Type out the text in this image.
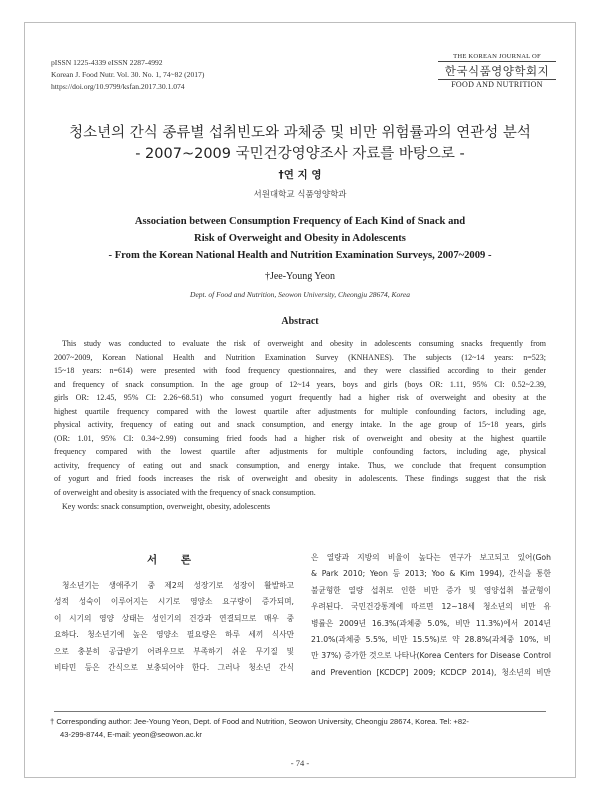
pISSN 1225-4339 eISSN 2287-4992
Korean J. Food Nutr. Vol. 30. No. 1, 74~82 (2017)
https://doi.org/10.9799/ksfan.2017.30.1.074
THE KOREAN JOURNAL OF
한국식품영양학회지
FOOD AND NUTRITION
청소년의 간식 종류별 섭취빈도와 과체중 및 비만 위험률과의 연관성 분석
- 2007~2009 국민건강영양조사 자료를 바탕으로 -
†연 지 영
서원대학교 식품영양학과
Association between Consumption Frequency of Each Kind of Snack and
Risk of Overweight and Obesity in Adolescents
- From the Korean National Health and Nutrition Examination Surveys, 2007~2009 -
†Jee-Young Yeon
Dept. of Food and Nutrition, Seowon University, Cheongju 28674, Korea
Abstract
This study was conducted to evaluate the risk of overweight and obesity in adolescents consuming snacks frequently from
2007~2009, Korean National Health and Nutrition Examination Survey (KNHANES). The subjects (12~14 years: n=523;
15~18 years: n=614) were presented with food frequency questionnaires, and they were classified according to their gender
and frequency of snack consumption. In the age group of 12~14 years, boys and girls (boys OR: 1.11, 95% CI: 0.52~2.39,
girls OR: 12.45, 95% CI: 2.26~68.51) who consumed yogurt frequently had a higher risk of overweight and obesity at the
highest quartile frequency compared with the lowest quartile after adjustments for multiple confounding factors, including age,
physical activity, frequency of eating out and snack consumption, and energy intake. In the age group of 15~18 years, girls
(OR: 1.01, 95% CI: 0.34~2.99) consuming fried foods had a higher risk of overweight and obesity at the highest quartile
frequency compared with the lowest quartile after adjustments for multiple confounding factors, including age, physical
activity, frequency of eating out and snack consumption, and energy intake. Thus, we conclude that frequent consumption
of yogurt and fried foods increases the risk of overweight and obesity in adolescents. These findings suggest that the risk
of overweight and obesity is associated with the frequency of snack consumption.
Key words: snack consumption, overweight, obesity, adolescents
서 론
청소년기는 생애주기 중 제2의 성장기로 성장이 활발하고
성적 성숙이 이루어지는 시기로 영양소 요구량이 증가되며,
이 시기의 영양 상태는 성인기의 건강과 연결되므로 매우 중
요하다. 청소년기에 높은 영양소 필요량은 하루 세끼 식사만
으로 충분히 공급받기 어려우므로 부족하기 쉬운 무기질 및
비타민 등은 간식으로 보충되어야 한다. 그러나 청소년 간식
은 열량과 지방의 비율이 높다는 연구가 보고되고 있어(Goh
& Park 2010; Yeon 등 2013; Yoo & Kim 1994), 간식을 통한
불균형한 열량 섭취로 인한 비만 증가 및 영양섭취 불균형이
우려된다. 국민건강통계에 따르면 12~18세 청소년의 비만 유
병률은 2009년 16.3%(과체중 5.0%, 비만 11.3%)에서 2014년
21.0%(과체중 5.5%, 비만 15.5%)로 약 28.8%(과체중 10%, 비
만 37%) 증가한 것으로 나타나(Korea Centers for Disease Control
and Prevention [KCDCP] 2009; KCDCP 2014), 청소년의 비만
† Corresponding author: Jee-Young Yeon, Dept. of Food and Nutrition, Seowon University, Cheongju 28674, Korea. Tel: +82-
43-299-8744, E-mail: yeon@seowon.ac.kr
- 74 -
